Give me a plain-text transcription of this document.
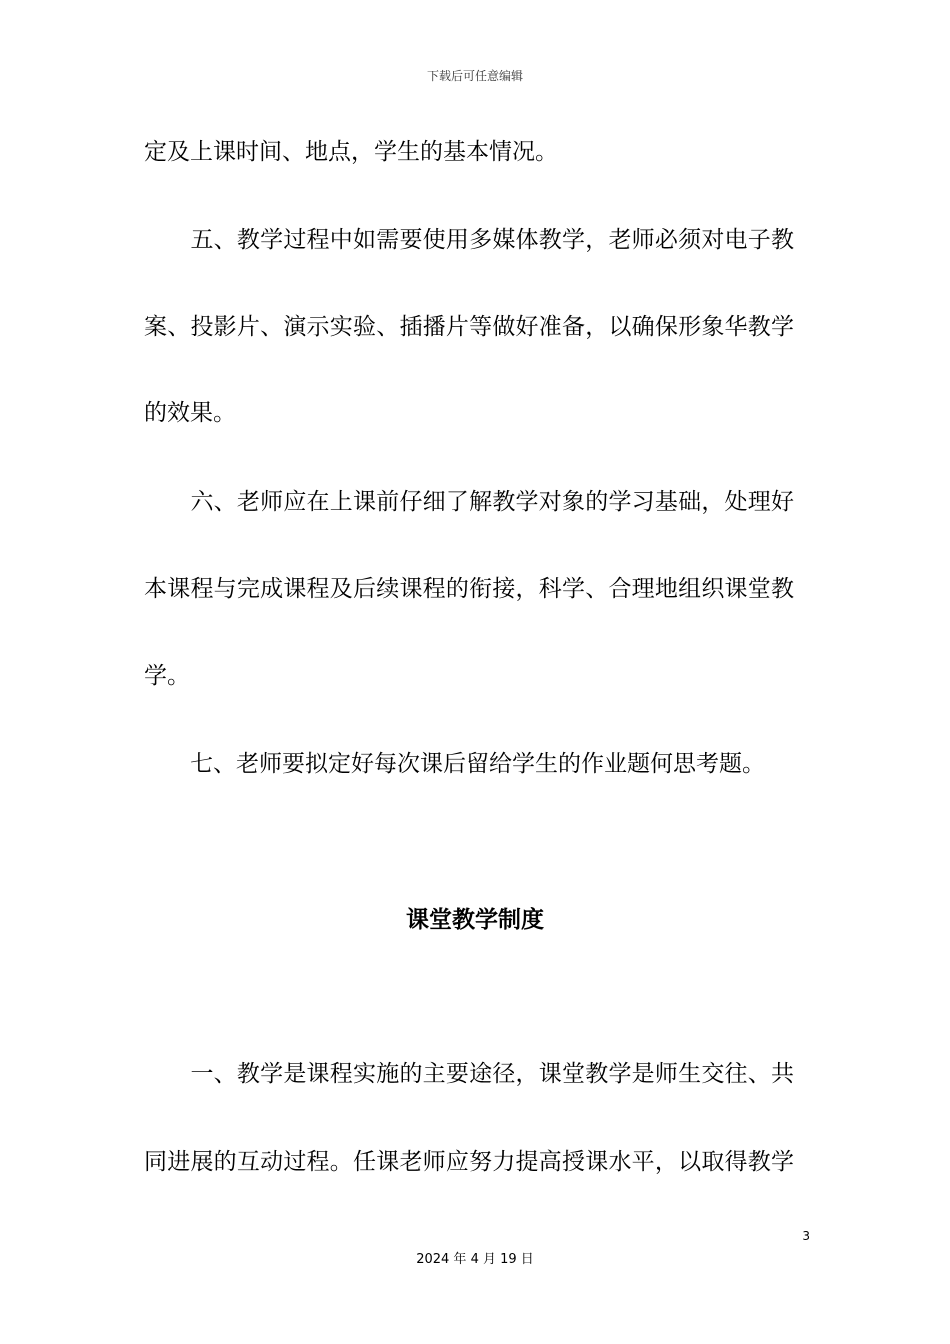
下载后可任意编辑
定及上课时间、地点，学生的基本情况。
　　五、教学过程中如需要使用多媒体教学，老师必须对电子教
案、投影片、演示实验、插播片等做好准备，以确保形象华教学
的效果。
　　六、老师应在上课前仔细了解教学对象的学习基础，处理好
本课程与完成课程及后续课程的衔接，科学、合理地组织课堂教
学。
　　七、老师要拟定好每次课后留给学生的作业题何思考题。
课堂教学制度
　　一、教学是课程实施的主要途径，课堂教学是师生交往、共
同进展的互动过程。任课老师应努力提高授课水平，以取得教学
3
2024 年 4 月 19 日
